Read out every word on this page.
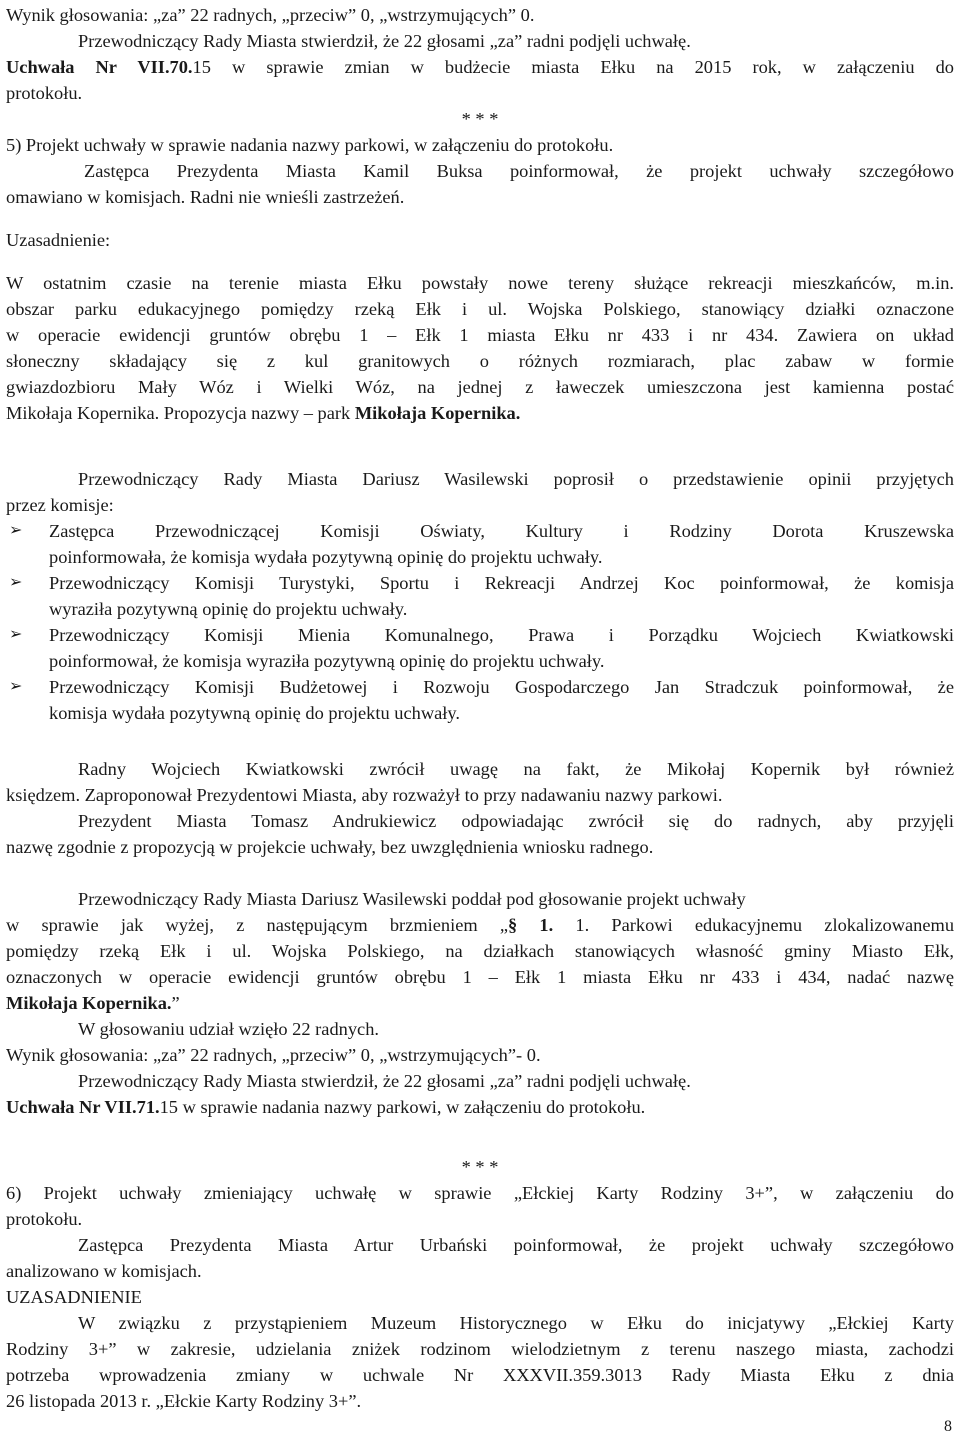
Wynik głosowania: „za” 22 radnych, „przeciw” 0, „wstrzymujących” 0.
Przewodniczący Rady Miasta stwierdził, że 22 głosami „za” radni podjęli uchwałę.
Uchwała Nr VII.70.15 w sprawie zmian w budżecie miasta Ełku na 2015 rok, w załączeniu do
protokołu.
* * *
5) Projekt uchwały w sprawie nadania nazwy parkowi, w załączeniu do protokołu.
Zastępca Prezydenta Miasta Kamil Buksa poinformował, że projekt uchwały szczegółowo
omawiano w komisjach. Radni nie wnieśli zastrzeżeń.
Uzasadnienie:
W ostatnim czasie na terenie miasta Ełku powstały nowe tereny służące rekreacji mieszkańców, m.in.
obszar parku edukacyjnego pomiędzy rzeką Ełk i ul. Wojska Polskiego, stanowiący działki oznaczone
w operacie ewidencji gruntów obrębu 1 – Ełk 1 miasta Ełku nr 433 i nr 434. Zawiera on układ
słoneczny składający się z kul granitowych o różnych rozmiarach, plac zabaw w formie
gwiazdozbioru Mały Wóz i Wielki Wóz, na jednej z ławeczek umieszczona jest kamienna postać
Mikołaja Kopernika. Propozycja nazwy – park Mikołaja Kopernika.
Przewodniczący Rady Miasta Dariusz Wasilewski poprosił o przedstawienie opinii przyjętych
przez komisje:
➢ Zastępca Przewodniczącej Komisji Oświaty, Kultury i Rodziny Dorota Kruszewska
poinformowała, że komisja wydała pozytywną opinię do projektu uchwały.
➢ Przewodniczący Komisji Turystyki, Sportu i Rekreacji Andrzej Koc poinformował, że komisja
wyraziła pozytywną opinię do projektu uchwały.
➢ Przewodniczący Komisji Mienia Komunalnego, Prawa i Porządku Wojciech Kwiatkowski
poinformował, że komisja wyraziła pozytywną opinię do projektu uchwały.
➢ Przewodniczący Komisji Budżetowej i Rozwoju Gospodarczego Jan Stradczuk poinformował, że
komisja wydała pozytywną opinię do projektu uchwały.
Radny Wojciech Kwiatkowski zwrócił uwagę na fakt, że Mikołaj Kopernik był również
księdzem. Zaproponował Prezydentowi Miasta, aby rozważył to przy nadawaniu nazwy parkowi.
Prezydent Miasta Tomasz Andrukiewicz odpowiadając zwrócił się do radnych, aby przyjęli
nazwę zgodnie z propozycją w projekcie uchwały, bez uwzględnienia wniosku radnego.
Przewodniczący Rady Miasta Dariusz Wasilewski poddał pod głosowanie projekt uchwały
w sprawie jak wyżej, z następującym brzmieniem „§ 1. 1. Parkowi edukacyjnemu zlokalizowanemu
pomiędzy rzeką Ełk i ul. Wojska Polskiego, na działkach stanowiących własność gminy Miasto Ełk,
oznaczonych w operacie ewidencji gruntów obrębu 1 – Ełk 1 miasta Ełku nr 433 i 434, nadać nazwę
Mikołaja Kopernika.”
W głosowaniu udział wzięło 22 radnych.
Wynik głosowania: „za” 22 radnych, „przeciw” 0, „wstrzymujących”- 0.
Przewodniczący Rady Miasta stwierdził, że 22 głosami „za” radni podjęli uchwałę.
Uchwała Nr VII.71.15 w sprawie nadania nazwy parkowi, w załączeniu do protokołu.
* * *
6) Projekt uchwały zmieniający uchwałę w sprawie „Ełckiej Karty Rodziny 3+”, w załączeniu do
protokołu.
Zastępca Prezydenta Miasta Artur Urbański poinformował, że projekt uchwały szczegółowo
analizowano w komisjach.
UZASADNIENIE
W związku z przystąpieniem Muzeum Historycznego w Ełku do inicjatywy „Ełckiej Karty
Rodziny 3+” w zakresie, udzielania zniżek rodzinom wielodzietnym z terenu naszego miasta, zachodzi
potrzeba wprowadzenia zmiany w uchwale Nr XXXVII.359.3013 Rady Miasta Ełku z dnia
26 listopada 2013 r. „Ełckie Karty Rodziny 3+”.
8
